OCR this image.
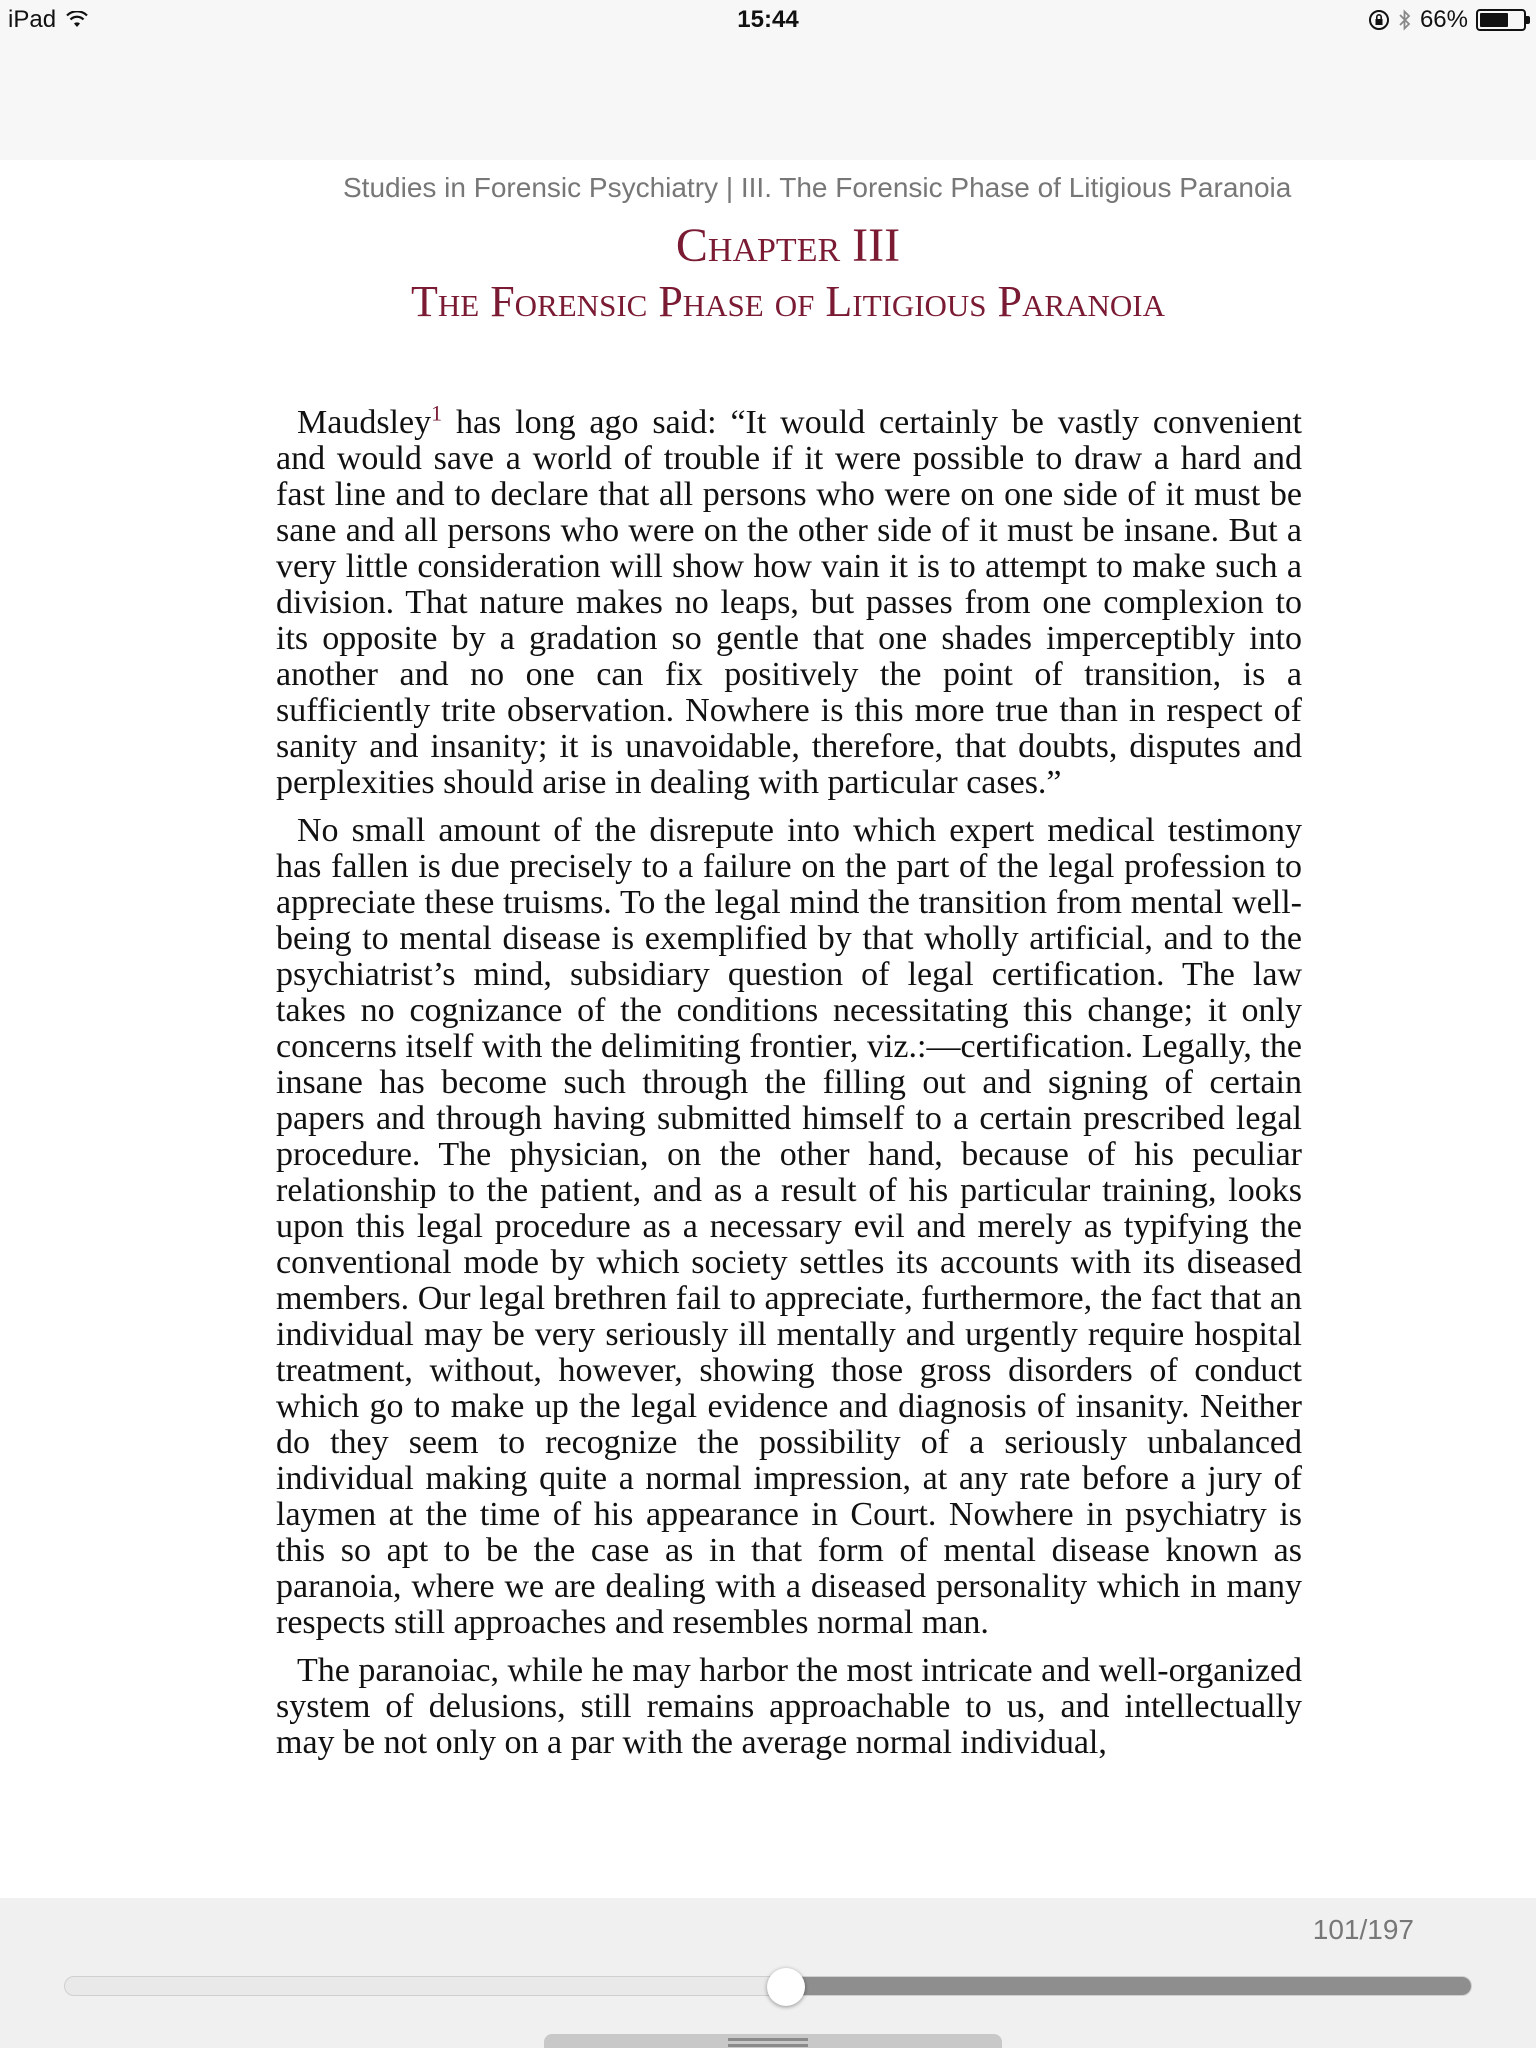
iPad	15:44	66%
Studies in Forensic Psychiatry | III. The Forensic Phase of Litigious Paranoia
Chapter III
The Forensic Phase of Litigious Paranoia

Maudsley$^1$ has long ago said: “It would certainly be vastly convenient and would save a world of trouble if it were possible to draw a hard and fast line and to declare that all persons who were on one side of it must be sane and all persons who were on the other side of it must be insane. But a very little consideration will show how vain it is to attempt to make such a division. That nature makes no leaps, but passes from one complexion to its opposite by a gradation so gentle that one shades imperceptibly into another and no one can fix positively the point of transition, is a sufficiently trite observation. Nowhere is this more true than in respect of sanity and insanity; it is unavoidable, therefore, that doubts, disputes and perplexities should arise in dealing with particular cases.”

No small amount of the disrepute into which expert medical testimony has fallen is due precisely to a failure on the part of the legal profession to appreciate these truisms. To the legal mind the transition from mental well-being to mental disease is exemplified by that wholly artificial, and to the psychiatrist’s mind, subsidiary question of legal certification. The law takes no cognizance of the conditions necessitating this change; it only concerns itself with the delimiting frontier, viz.:—certification. Legally, the insane has become such through the filling out and signing of certain papers and through having submitted himself to a certain prescribed legal procedure. The physician, on the other hand, because of his peculiar relationship to the patient, and as a result of his particular training, looks upon this legal procedure as a necessary evil and merely as typifying the conventional mode by which society settles its accounts with its diseased members. Our legal brethren fail to appreciate, furthermore, the fact that an individual may be very seriously ill mentally and urgently require hospital treatment, without, however, showing those gross disorders of conduct which go to make up the legal evidence and diagnosis of insanity. Neither do they seem to recognize the possibility of a seriously unbalanced individual making quite a normal impression, at any rate before a jury of laymen at the time of his appearance in Court. Nowhere in psychiatry is this so apt to be the case as in that form of mental disease known as paranoia, where we are dealing with a diseased personality which in many respects still approaches and resembles normal man.

The paranoiac, while he may harbor the most intricate and well-organized system of delusions, still remains approachable to us, and intellectually may be not only on a par with the average normal individual,

101/197
